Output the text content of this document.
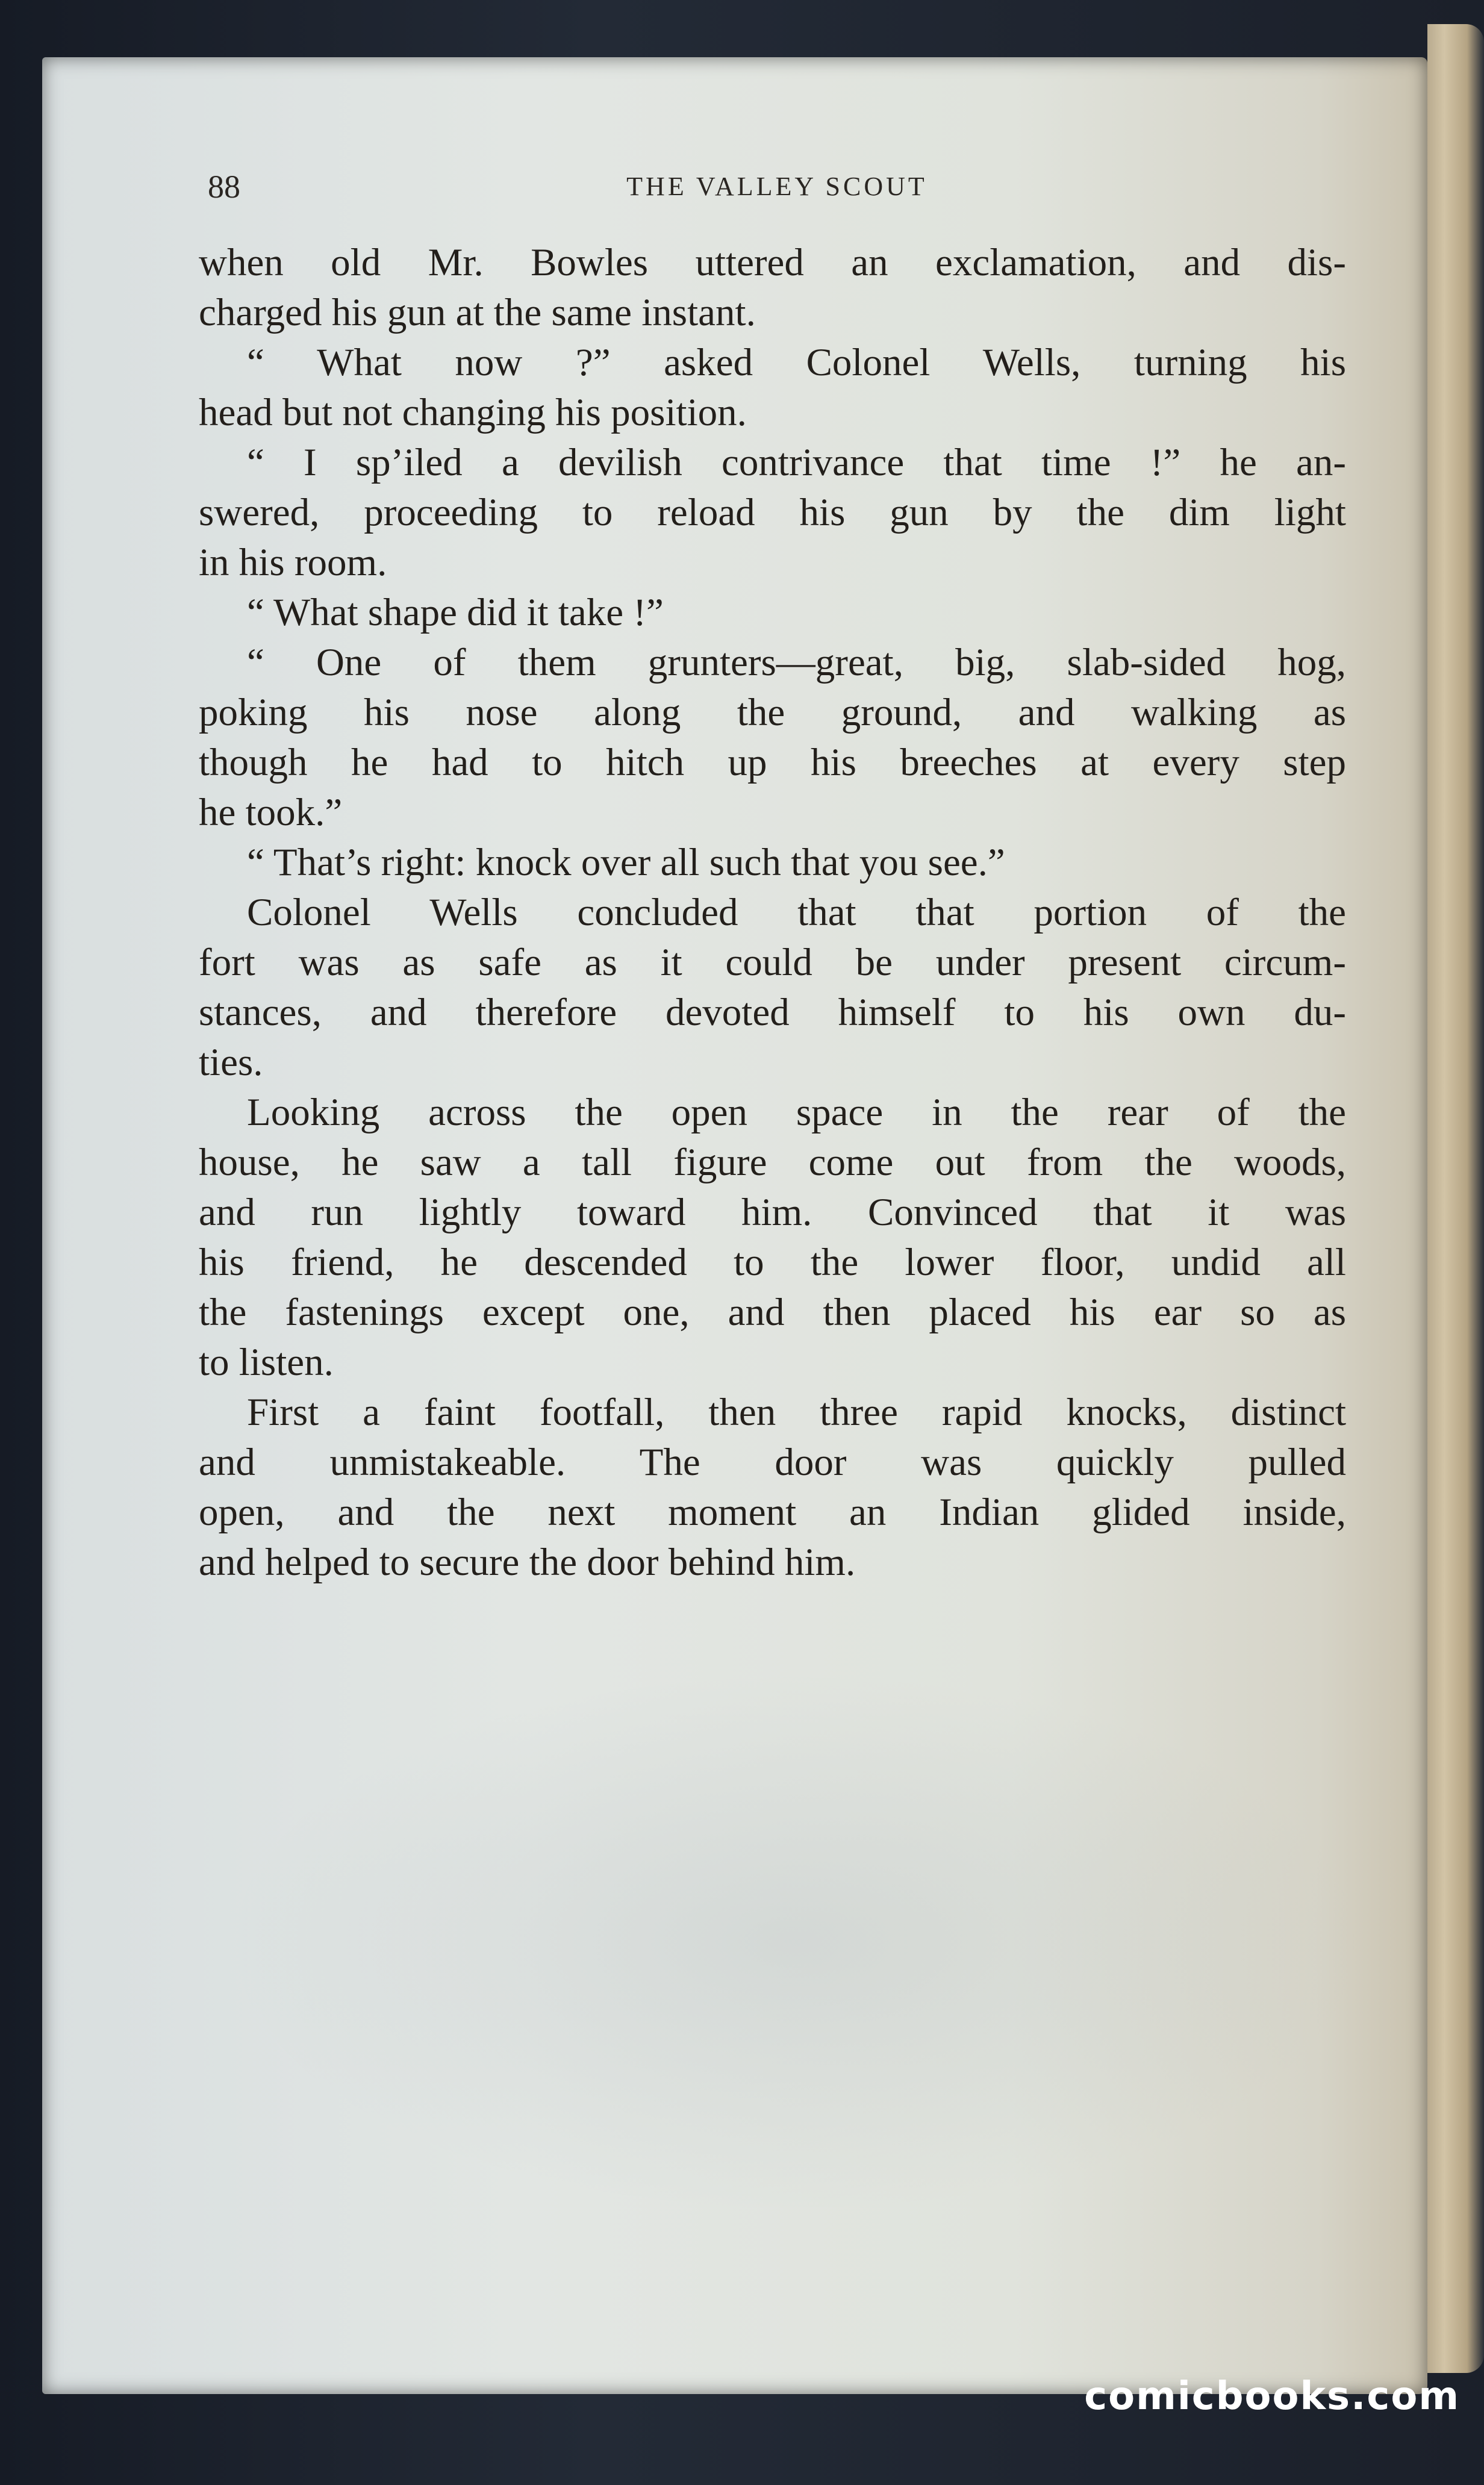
88	THE VALLEY SCOUT
when old Mr. Bowles uttered an exclamation, and dis-
charged his gun at the same instant.
“ What now ?” asked Colonel Wells, turning his
head but not changing his position.
“ I sp’iled a devilish contrivance that time !” he an-
swered, proceeding to reload his gun by the dim light
in his room.
“ What shape did it take !”
“ One of them grunters—great, big, slab-sided hog,
poking his nose along the ground, and walking as
though he had to hitch up his breeches at every step
he took.”
“ That’s right: knock over all such that you see.”
Colonel Wells concluded that that portion of the
fort was as safe as it could be under present circum-
stances, and therefore devoted himself to his own du-
ties.
Looking across the open space in the rear of the
house, he saw a tall figure come out from the woods,
and run lightly toward him. Convinced that it was
his friend, he descended to the lower floor, undid all
the fastenings except one, and then placed his ear so as
to listen.
First a faint footfall, then three rapid knocks, distinct
and unmistakeable. The door was quickly pulled
open, and the next moment an Indian glided inside,
and helped to secure the door behind him.
comicbooks.com
